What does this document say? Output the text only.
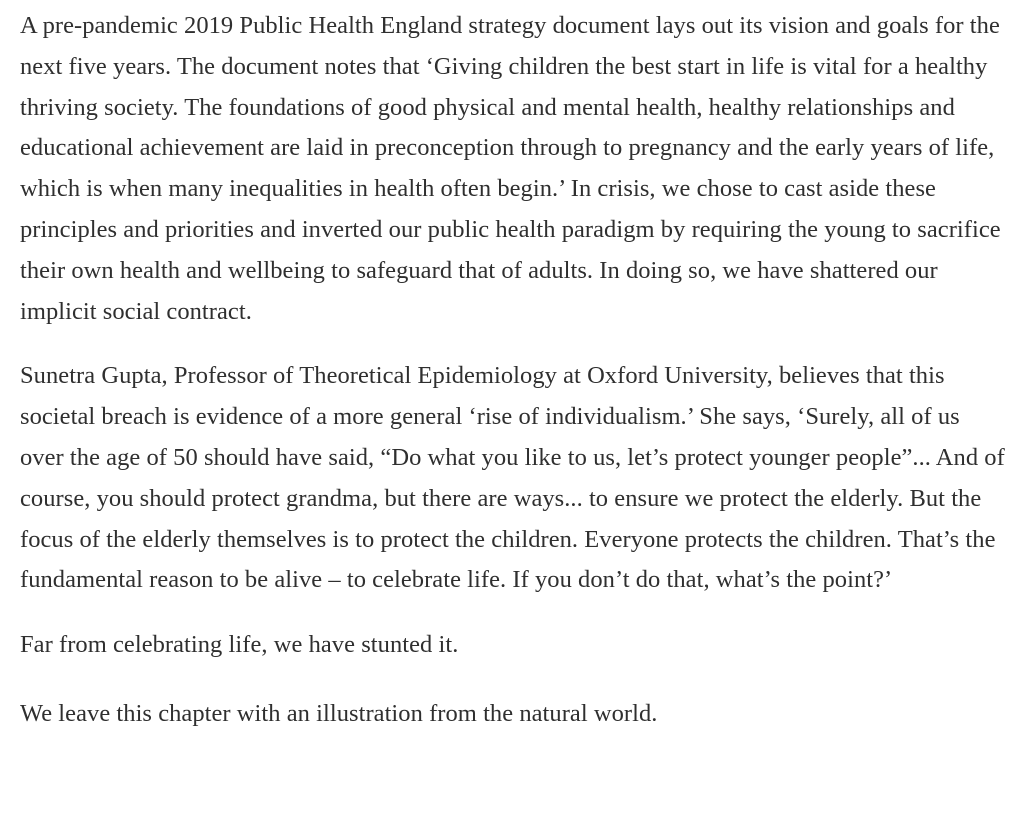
A pre-pandemic 2019 Public Health England strategy document lays out its vision and goals for the next five years. The document notes that ‘Giving children the best start in life is vital for a healthy thriving society. The foundations of good physical and mental health, healthy relationships and educational achievement are laid in preconception through to pregnancy and the early years of life, which is when many inequalities in health often begin.’ In crisis, we chose to cast aside these principles and priorities and inverted our public health paradigm by requiring the young to sacrifice their own health and wellbeing to safeguard that of adults. In doing so, we have shattered our implicit social contract.

Sunetra Gupta, Professor of Theoretical Epidemiology at Oxford University, believes that this societal breach is evidence of a more general ‘rise of individualism.’ She says, ‘Surely, all of us over the age of 50 should have said, “Do what you like to us, let’s protect younger people”... And of course, you should protect grandma, but there are ways... to ensure we protect the elderly. But the focus of the elderly themselves is to protect the children. Everyone protects the children. That’s the fundamental reason to be alive – to celebrate life. If you don’t do that, what’s the point?’

Far from celebrating life, we have stunted it.

We leave this chapter with an illustration from the natural world.
